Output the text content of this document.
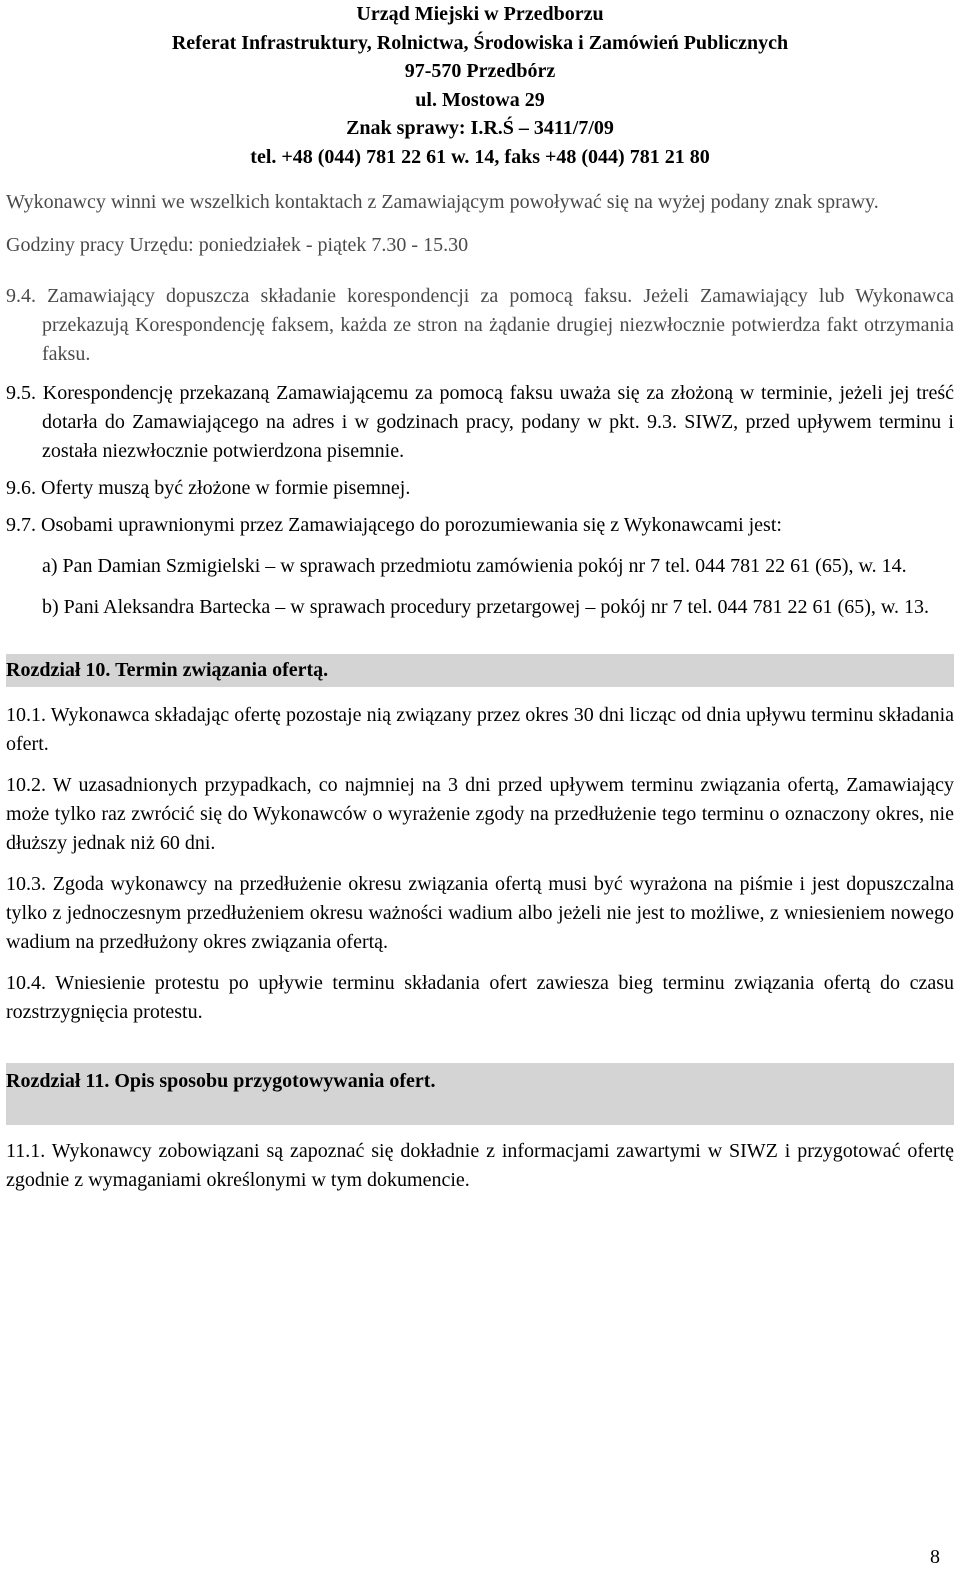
Urząd Miejski w Przedborzu
Referat Infrastruktury, Rolnictwa, Środowiska i Zamówień Publicznych
97-570 Przedbórz
ul. Mostowa 29
Znak sprawy: I.R.Ś – 3411/7/09
tel. +48 (044) 781 22 61 w. 14, faks +48 (044) 781 21 80

Wykonawcy winni we wszelkich kontaktach z Zamawiającym powoływać się na wyżej podany znak sprawy.

Godziny pracy Urzędu: poniedziałek - piątek 7.30 - 15.30

9.4. Zamawiający dopuszcza składanie korespondencji za pomocą faksu. Jeżeli Zamawiający lub Wykonawca przekazują Korespondencję faksem, każda ze stron na żądanie drugiej niezwłocznie potwierdza fakt otrzymania faksu.

9.5. Korespondencję przekazaną Zamawiającemu za pomocą faksu uważa się za złożoną w terminie, jeżeli jej treść dotarła do Zamawiającego na adres i w godzinach pracy, podany w pkt. 9.3. SIWZ, przed upływem terminu i została niezwłocznie potwierdzona pisemnie.

9.6. Oferty muszą być złożone w formie pisemnej.

9.7. Osobami uprawnionymi przez Zamawiającego do porozumiewania się z Wykonawcami jest:

a) Pan Damian Szmigielski – w sprawach przedmiotu zamówienia pokój nr 7 tel. 044 781 22 61 (65), w. 14.

b) Pani Aleksandra Bartecka – w sprawach procedury przetargowej – pokój nr 7 tel. 044 781 22 61 (65), w. 13.

Rozdział 10. Termin związania ofertą.

10.1. Wykonawca składając ofertę pozostaje nią związany przez okres 30 dni licząc od dnia upływu terminu składania ofert.

10.2. W uzasadnionych przypadkach, co najmniej na 3 dni przed upływem terminu związania ofertą, Zamawiający może tylko raz zwrócić się do Wykonawców o wyrażenie zgody na przedłużenie tego terminu o oznaczony okres, nie dłuższy jednak niż 60 dni.

10.3. Zgoda wykonawcy na przedłużenie okresu związania ofertą musi być wyrażona na piśmie i jest dopuszczalna tylko z jednoczesnym przedłużeniem okresu ważności wadium albo jeżeli nie jest to możliwe, z wniesieniem nowego wadium na przedłużony okres związania ofertą.

10.4. Wniesienie protestu po upływie terminu składania ofert zawiesza bieg terminu związania ofertą do czasu rozstrzygnięcia protestu.

Rozdział 11. Opis sposobu przygotowywania ofert.

11.1. Wykonawcy zobowiązani są zapoznać się dokładnie z informacjami zawartymi w SIWZ i przygotować ofertę zgodnie z wymaganiami określonymi w tym dokumencie.

8
